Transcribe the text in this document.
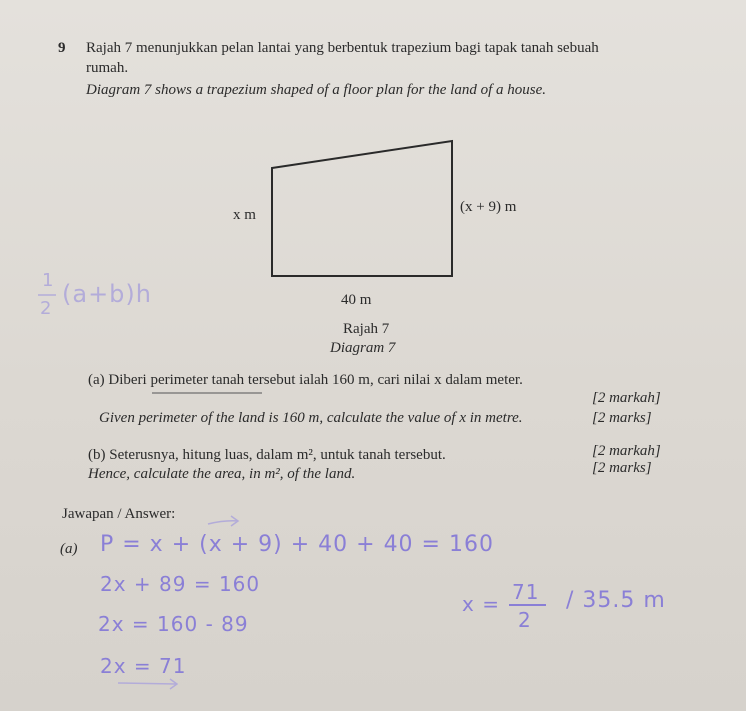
9 Rajah 7 menunjukkan pelan lantai yang berbentuk trapezium bagi tapak tanah sebuah
rumah.
Diagram 7 shows a trapezium shaped of a floor plan for the land of a house.
x m	(x + 9) m
40 m
Rajah 7
Diagram 7
(a) Diberi perimeter tanah tersebut ialah 160 m, cari nilai x dalam meter.
[2 markah]
Given perimeter of the land is 160 m, calculate the value of x in metre.	[2 marks]
(b) Seterusnya, hitung luas, dalam m², untuk tanah tersebut.	[2 markah]
Hence, calculate the area, in m², of the land.	[2 marks]
Jawapan / Answer:
(a)
1
2
(a+b)h
P = x + (x + 9) + 40 + 40 = 160
2x + 89 = 160
2x = 160 - 89
2x = 71
x = 71
2
/ 35.5 m
